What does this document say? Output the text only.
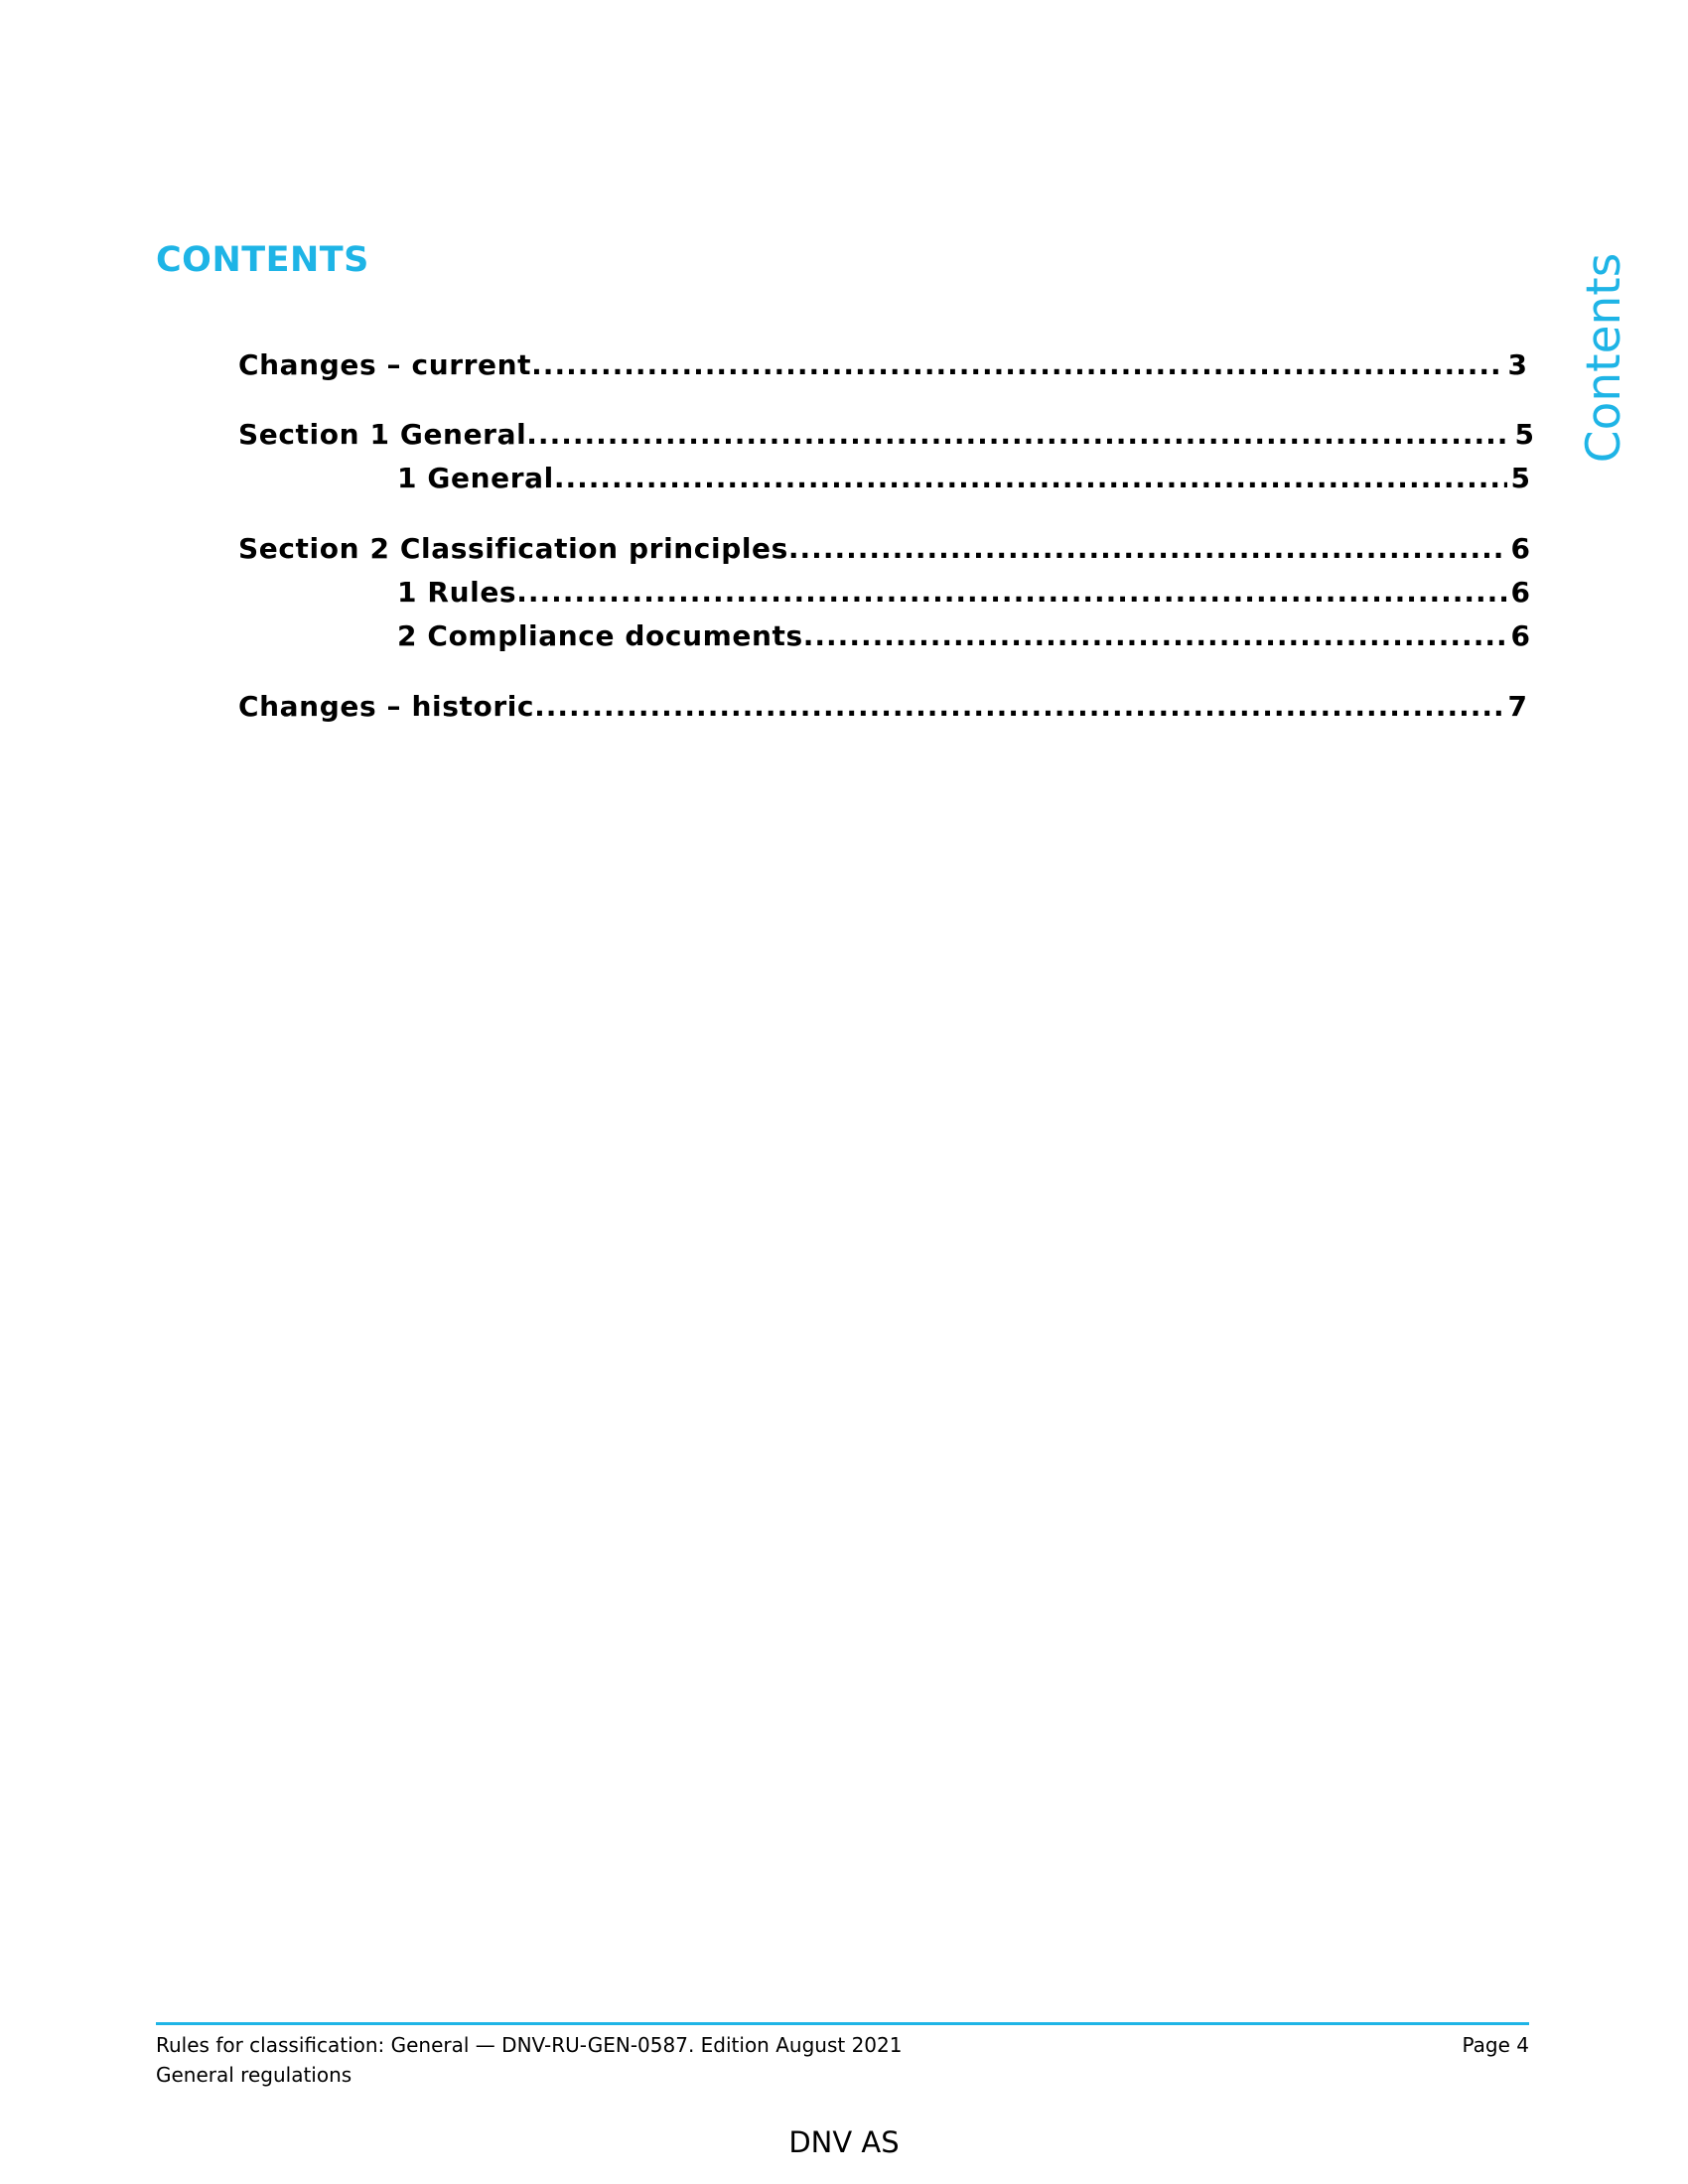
CONTENTS	Contents
Changes – current .....	3
Section 1 General .....	5
1 General .....	5
Section 2 Classification principles .....	6
1 Rules .....	6
2 Compliance documents .....	6
Changes – historic .....	7
Rules for classification: General — DNV-RU-GEN-0587. Edition August 2021
General regulations
Page 4
DNV AS
